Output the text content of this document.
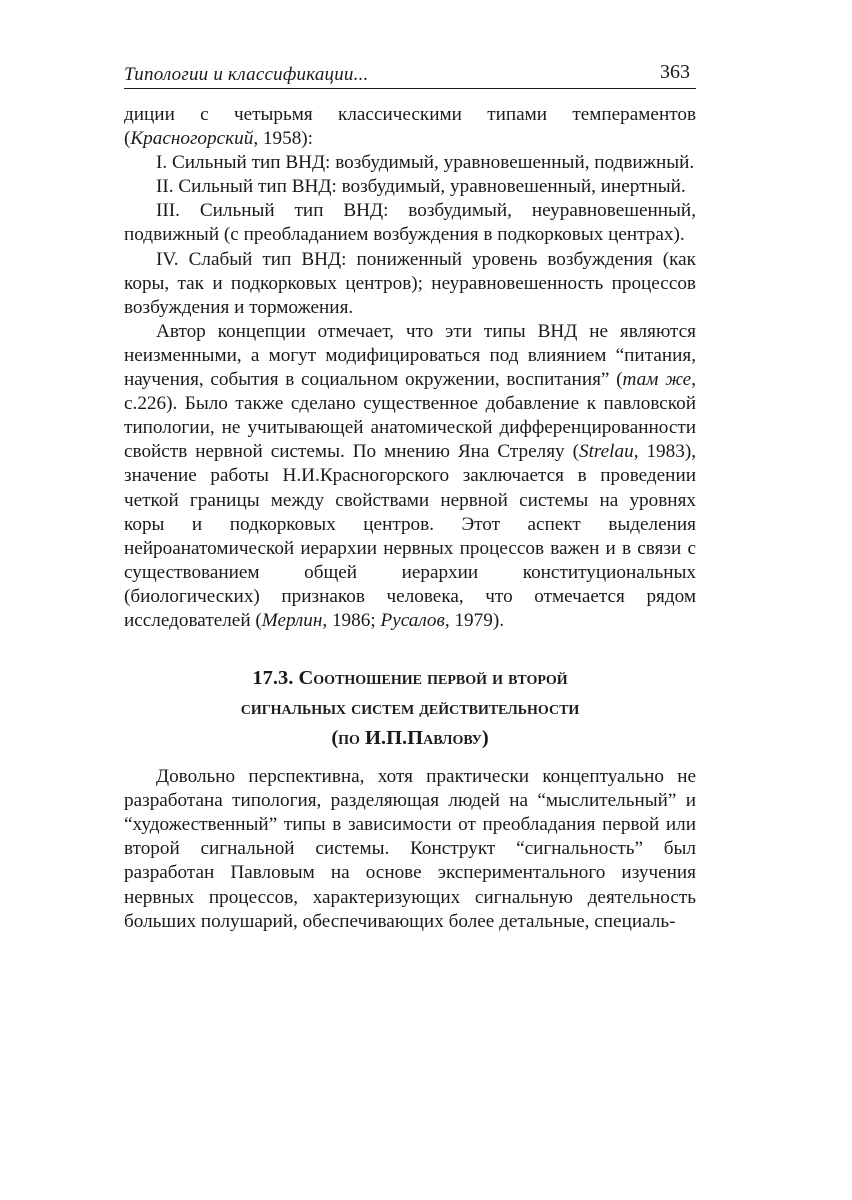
Типологии и классификации...	363

диции с четырьмя классическими типами темпераментов (Красногорский, 1958):

I. Сильный тип ВНД: возбудимый, уравновешенный, подвижный.

II. Сильный тип ВНД: возбудимый, уравновешенный, инертный.

III. Сильный тип ВНД: возбудимый, неуравновешенный, подвижный (с преобладанием возбуждения в подкорковых центрах).

IV. Слабый тип ВНД: пониженный уровень возбуждения (как коры, так и подкорковых центров); неуравновешенность процессов возбуждения и торможения.

Автор концепции отмечает, что эти типы ВНД не являются неизменными, а могут модифицироваться под влиянием “питания, научения, события в социальном окружении, воспитания” (там же, с.226). Было также сделано существенное добавление к павловской типологии, не учитывающей анатомической дифференцированности свойств нервной системы. По мнению Яна Стреляу (Strelau, 1983), значение работы Н.И.Красногорского заключается в проведении четкой границы между свойствами нервной системы на уровнях коры и подкорковых центров. Этот аспект выделения нейроанатомической иерархии нервных процессов важен и в связи с существованием общей иерархии конституциональных (биологических) признаков человека, что отмечается рядом исследователей (Мерлин, 1986; Русалов, 1979).

17.3. Соотношение первой и второй
сигнальных систем действительности
(по И.П.Павлову)

Довольно перспективна, хотя практически концептуально не разработана типология, разделяющая людей на “мыслительный” и “художественный” типы в зависимости от преобладания первой или второй сигнальной системы. Конструкт “сигнальность” был разработан Павловым на основе экспериментального изучения нервных процессов, характеризующих сигнальную деятельность больших полушарий, обеспечивающих более детальные, специаль-
